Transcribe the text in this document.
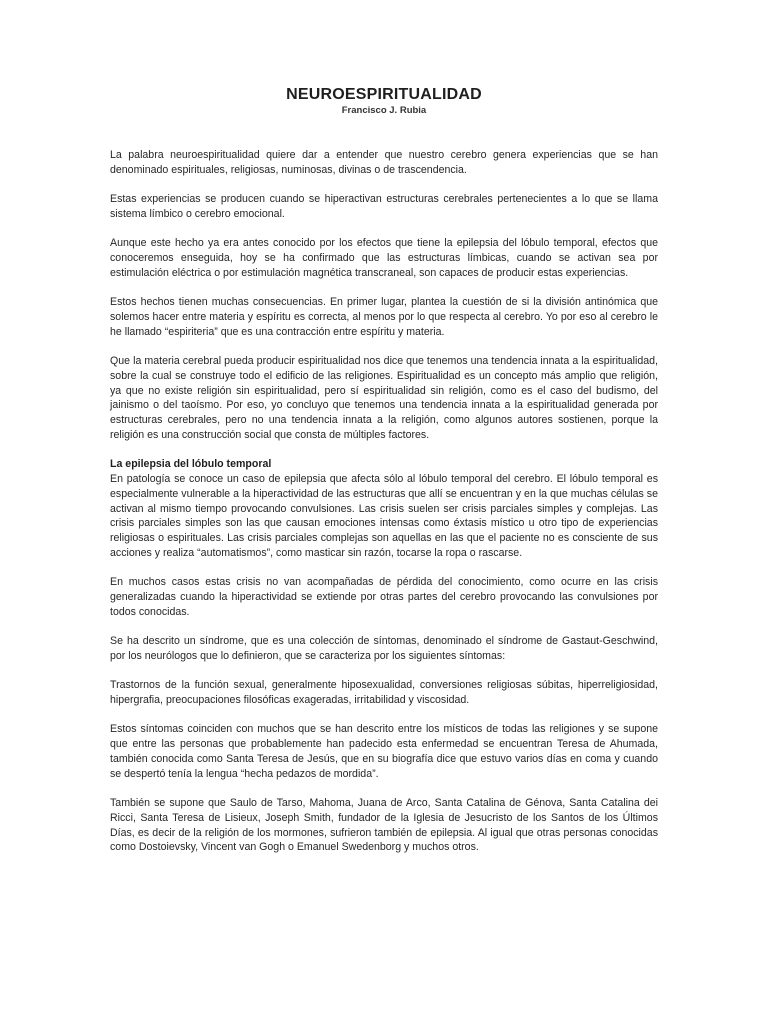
NEUROESPIRITUALIDAD
Francisco J. Rubia

La palabra neuroespiritualidad quiere dar a entender que nuestro cerebro genera experiencias que se han denominado espirituales, religiosas, numinosas, divinas o de trascendencia.

Estas experiencias se producen cuando se hiperactivan estructuras cerebrales pertenecientes a lo que se llama sistema límbico o cerebro emocional.

Aunque este hecho ya era antes conocido por los efectos que tiene la epilepsia del lóbulo temporal, efectos que conoceremos enseguida, hoy se ha confirmado que las estructuras límbicas, cuando se activan sea por estimulación eléctrica o por estimulación magnética transcraneal, son capaces de producir estas experiencias.

Estos hechos tienen muchas consecuencias. En primer lugar, plantea la cuestión de si la división antinómica que solemos hacer entre materia y espíritu es correcta, al menos por lo que respecta al cerebro. Yo por eso al cerebro le he llamado “espiriteria” que es una contracción entre espíritu y materia.

Que la materia cerebral pueda producir espiritualidad nos dice que tenemos una tendencia innata a la espiritualidad, sobre la cual se construye todo el edificio de las religiones. Espiritualidad es un concepto más amplio que religión, ya que no existe religión sin espiritualidad, pero sí espiritualidad sin religión, como es el caso del budismo, del jainismo o del taoísmo. Por eso, yo concluyo que tenemos una tendencia innata a la espiritualidad generada por estructuras cerebrales, pero no una tendencia innata a la religión, como algunos autores sostienen, porque la religión es una construcción social que consta de múltiples factores.

La epilepsia del lóbulo temporal

En patología se conoce un caso de epilepsia que afecta sólo al lóbulo temporal del cerebro. El lóbulo temporal es especialmente vulnerable a la hiperactividad de las estructuras que allí se encuentran y en la que muchas células se activan al mismo tiempo provocando convulsiones. Las crisis suelen ser crisis parciales simples y complejas. Las crisis parciales simples son las que causan emociones intensas como éxtasis místico u otro tipo de experiencias religiosas o espirituales. Las crisis parciales complejas son aquellas en las que el paciente no es consciente de sus acciones y realiza “automatismos”, como masticar sin razón, tocarse la ropa o rascarse.

En muchos casos estas crisis no van acompañadas de pérdida del conocimiento, como ocurre en las crisis generalizadas cuando la hiperactividad se extiende por otras partes del cerebro provocando las convulsiones por todos conocidas.

Se ha descrito un síndrome, que es una colección de síntomas, denominado el síndrome de Gastaut-Geschwind, por los neurólogos que lo definieron, que se caracteriza por los siguientes síntomas:

Trastornos de la función sexual, generalmente hiposexualidad, conversiones religiosas súbitas, hiperreligiosidad, hipergrafia, preocupaciones filosóficas exageradas, irritabilidad y viscosidad.

Estos síntomas coinciden con muchos que se han descrito entre los místicos de todas las religiones y se supone que entre las personas que probablemente han padecido esta enfermedad se encuentran Teresa de Ahumada, también conocida como Santa Teresa de Jesús, que en su biografía dice que estuvo varios días en coma y cuando se despertó tenía la lengua “hecha pedazos de mordida”.

También se supone que Saulo de Tarso, Mahoma, Juana de Arco, Santa Catalina de Génova, Santa Catalina dei Ricci, Santa Teresa de Lisieux, Joseph Smith, fundador de la Iglesia de Jesucristo de los Santos de los Últimos Días, es decir de la religión de los mormones, sufrieron también de epilepsia. Al igual que otras personas conocidas como Dostoievsky, Vincent van Gogh o Emanuel Swedenborg y muchos otros.
